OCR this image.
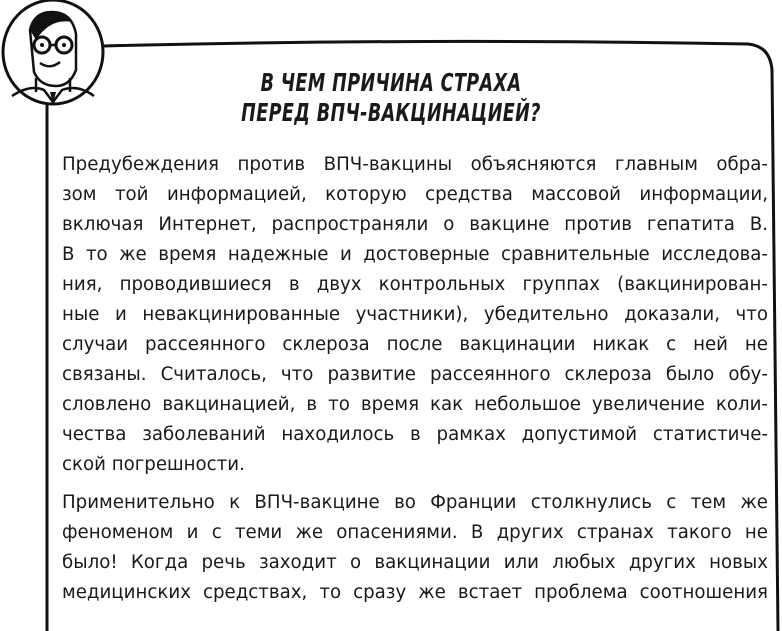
В ЧЕМ ПРИЧИНА СТРАХА
ПЕРЕД ВПЧ-ВАКЦИНАЦИЕЙ?
Предубеждения против ВПЧ-вакцины объясняются главным обра-
зом той информацией, которую средства массовой информации,
включая Интернет, распространяли о вакцине против гепатита В.
В то же время надежные и достоверные сравнительные исследова-
ния, проводившиеся в двух контрольных группах (вакцинирован-
ные и невакцинированные участники), убедительно доказали, что
случаи рассеянного склероза после вакцинации никак с ней не
связаны. Считалось, что развитие рассеянного склероза было обу-
словлено вакцинацией, в то время как небольшое увеличение коли-
чества заболеваний находилось в рамках допустимой статистиче-
ской погрешности.
Применительно к ВПЧ-вакцине во Франции столкнулись с тем же
феноменом и с теми же опасениями. В других странах такого не
было! Когда речь заходит о вакцинации или любых других новых
медицинских средствах, то сразу же встает проблема соотношения
